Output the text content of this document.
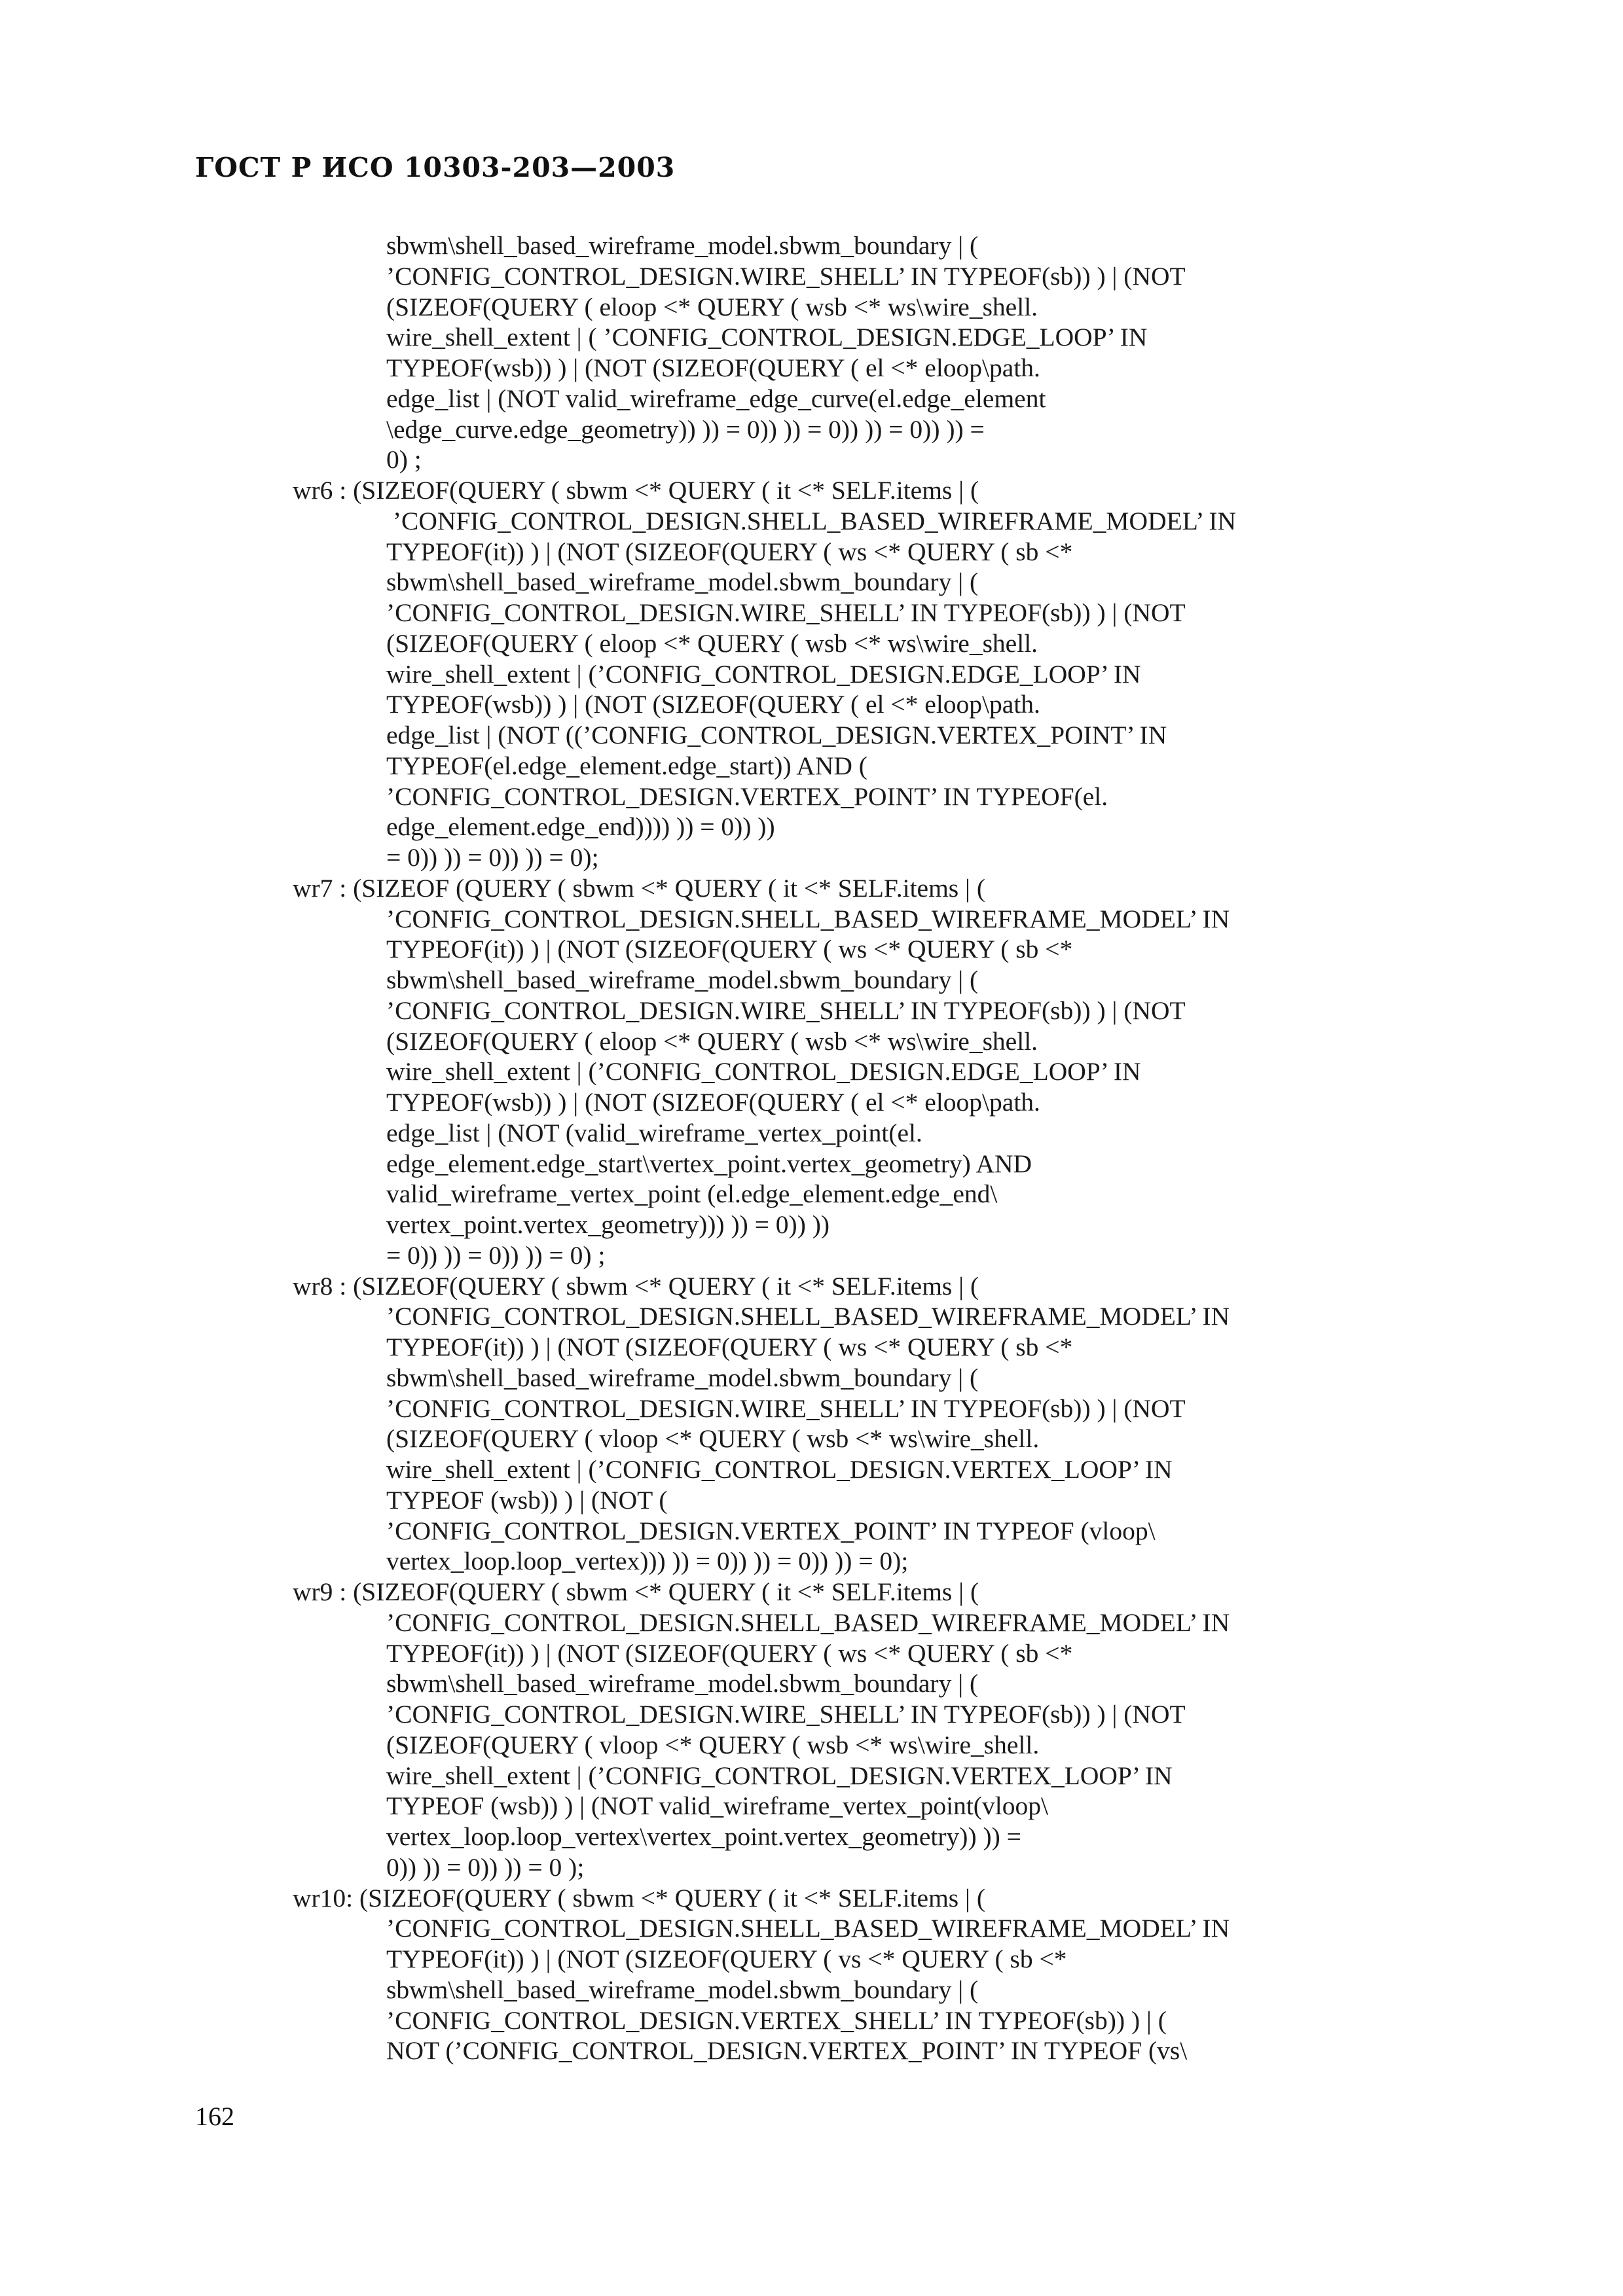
ГОСТ Р ИСО 10303-203—2003
sbwm\shell_based_wireframe_model.sbwm_boundary | (
’CONFIG_CONTROL_DESIGN.WIRE_SHELL’ IN TYPEOF(sb)) ) | (NOT
(SIZEOF(QUERY ( eloop <* QUERY ( wsb <* ws\wire_shell.
wire_shell_extent | ( ’CONFIG_CONTROL_DESIGN.EDGE_LOOP’ IN
TYPEOF(wsb)) ) | (NOT (SIZEOF(QUERY ( el <* eloop\path.
edge_list | (NOT valid_wireframe_edge_curve(el.edge_element
\edge_curve.edge_geometry)) )) = 0)) )) = 0)) )) = 0)) )) =
0) ;
wr6 : (SIZEOF(QUERY ( sbwm <* QUERY ( it <* SELF.items | (
’CONFIG_CONTROL_DESIGN.SHELL_BASED_WIREFRAME_MODEL’ IN
TYPEOF(it)) ) | (NOT (SIZEOF(QUERY ( ws <* QUERY ( sb <*
sbwm\shell_based_wireframe_model.sbwm_boundary | (
’CONFIG_CONTROL_DESIGN.WIRE_SHELL’ IN TYPEOF(sb)) ) | (NOT
(SIZEOF(QUERY ( eloop <* QUERY ( wsb <* ws\wire_shell.
wire_shell_extent | (’CONFIG_CONTROL_DESIGN.EDGE_LOOP’ IN
TYPEOF(wsb)) ) | (NOT (SIZEOF(QUERY ( el <* eloop\path.
edge_list | (NOT ((’CONFIG_CONTROL_DESIGN.VERTEX_POINT’ IN
TYPEOF(el.edge_element.edge_start)) AND (
’CONFIG_CONTROL_DESIGN.VERTEX_POINT’ IN TYPEOF(el.
edge_element.edge_end)))) )) = 0)) ))
= 0)) )) = 0)) )) = 0);
wr7 : (SIZEOF (QUERY ( sbwm <* QUERY ( it <* SELF.items | (
’CONFIG_CONTROL_DESIGN.SHELL_BASED_WIREFRAME_MODEL’ IN
TYPEOF(it)) ) | (NOT (SIZEOF(QUERY ( ws <* QUERY ( sb <*
sbwm\shell_based_wireframe_model.sbwm_boundary | (
’CONFIG_CONTROL_DESIGN.WIRE_SHELL’ IN TYPEOF(sb)) ) | (NOT
(SIZEOF(QUERY ( eloop <* QUERY ( wsb <* ws\wire_shell.
wire_shell_extent | (’CONFIG_CONTROL_DESIGN.EDGE_LOOP’ IN
TYPEOF(wsb)) ) | (NOT (SIZEOF(QUERY ( el <* eloop\path.
edge_list | (NOT (valid_wireframe_vertex_point(el.
edge_element.edge_start\vertex_point.vertex_geometry) AND
valid_wireframe_vertex_point (el.edge_element.edge_end\
vertex_point.vertex_geometry))) )) = 0)) ))
= 0)) )) = 0)) )) = 0) ;
wr8 : (SIZEOF(QUERY ( sbwm <* QUERY ( it <* SELF.items | (
’CONFIG_CONTROL_DESIGN.SHELL_BASED_WIREFRAME_MODEL’ IN
TYPEOF(it)) ) | (NOT (SIZEOF(QUERY ( ws <* QUERY ( sb <*
sbwm\shell_based_wireframe_model.sbwm_boundary | (
’CONFIG_CONTROL_DESIGN.WIRE_SHELL’ IN TYPEOF(sb)) ) | (NOT
(SIZEOF(QUERY ( vloop <* QUERY ( wsb <* ws\wire_shell.
wire_shell_extent | (’CONFIG_CONTROL_DESIGN.VERTEX_LOOP’ IN
TYPEOF (wsb)) ) | (NOT (
’CONFIG_CONTROL_DESIGN.VERTEX_POINT’ IN TYPEOF (vloop\
vertex_loop.loop_vertex))) )) = 0)) )) = 0)) )) = 0);
wr9 : (SIZEOF(QUERY ( sbwm <* QUERY ( it <* SELF.items | (
’CONFIG_CONTROL_DESIGN.SHELL_BASED_WIREFRAME_MODEL’ IN
TYPEOF(it)) ) | (NOT (SIZEOF(QUERY ( ws <* QUERY ( sb <*
sbwm\shell_based_wireframe_model.sbwm_boundary | (
’CONFIG_CONTROL_DESIGN.WIRE_SHELL’ IN TYPEOF(sb)) ) | (NOT
(SIZEOF(QUERY ( vloop <* QUERY ( wsb <* ws\wire_shell.
wire_shell_extent | (’CONFIG_CONTROL_DESIGN.VERTEX_LOOP’ IN
TYPEOF (wsb)) ) | (NOT valid_wireframe_vertex_point(vloop\
vertex_loop.loop_vertex\vertex_point.vertex_geometry)) )) =
0)) )) = 0)) )) = 0 );
wr10: (SIZEOF(QUERY ( sbwm <* QUERY ( it <* SELF.items | (
’CONFIG_CONTROL_DESIGN.SHELL_BASED_WIREFRAME_MODEL’ IN
TYPEOF(it)) ) | (NOT (SIZEOF(QUERY ( vs <* QUERY ( sb <*
sbwm\shell_based_wireframe_model.sbwm_boundary | (
’CONFIG_CONTROL_DESIGN.VERTEX_SHELL’ IN TYPEOF(sb)) ) | (
NOT (’CONFIG_CONTROL_DESIGN.VERTEX_POINT’ IN TYPEOF (vs\
162
